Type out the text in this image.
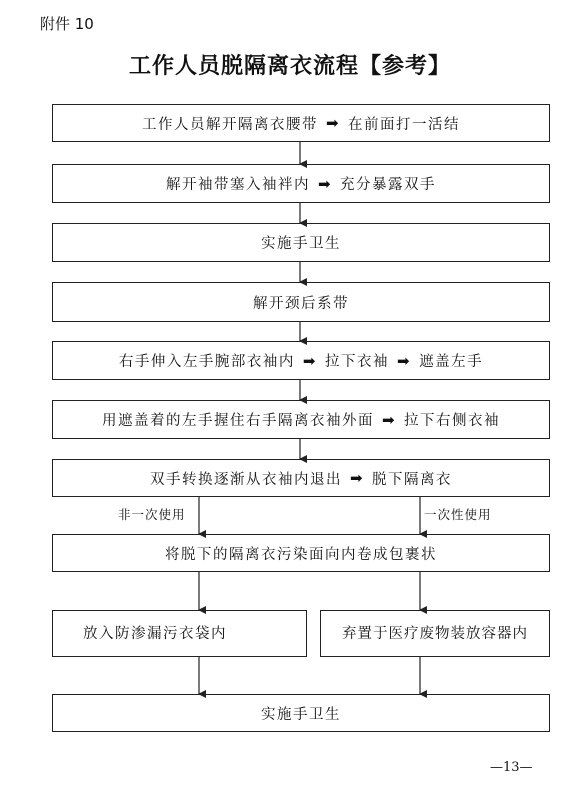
附件 10
工作人员脱隔离衣流程【参考】
工作人员解开隔离衣腰带 ➡ 在前面打一活结
解开袖带塞入袖袢内 ➡ 充分暴露双手
实施手卫生
解开颈后系带
右手伸入左手腕部衣袖内 ➡ 拉下衣袖 ➡ 遮盖左手
用遮盖着的左手握住右手隔离衣袖外面 ➡ 拉下右侧衣袖
双手转换逐渐从衣袖内退出 ➡ 脱下隔离衣
非一次使用	一次性使用
将脱下的隔离衣污染面向内卷成包裹状
放入防渗漏污衣袋内	弃置于医疗废物装放容器内
实施手卫生
—13—
